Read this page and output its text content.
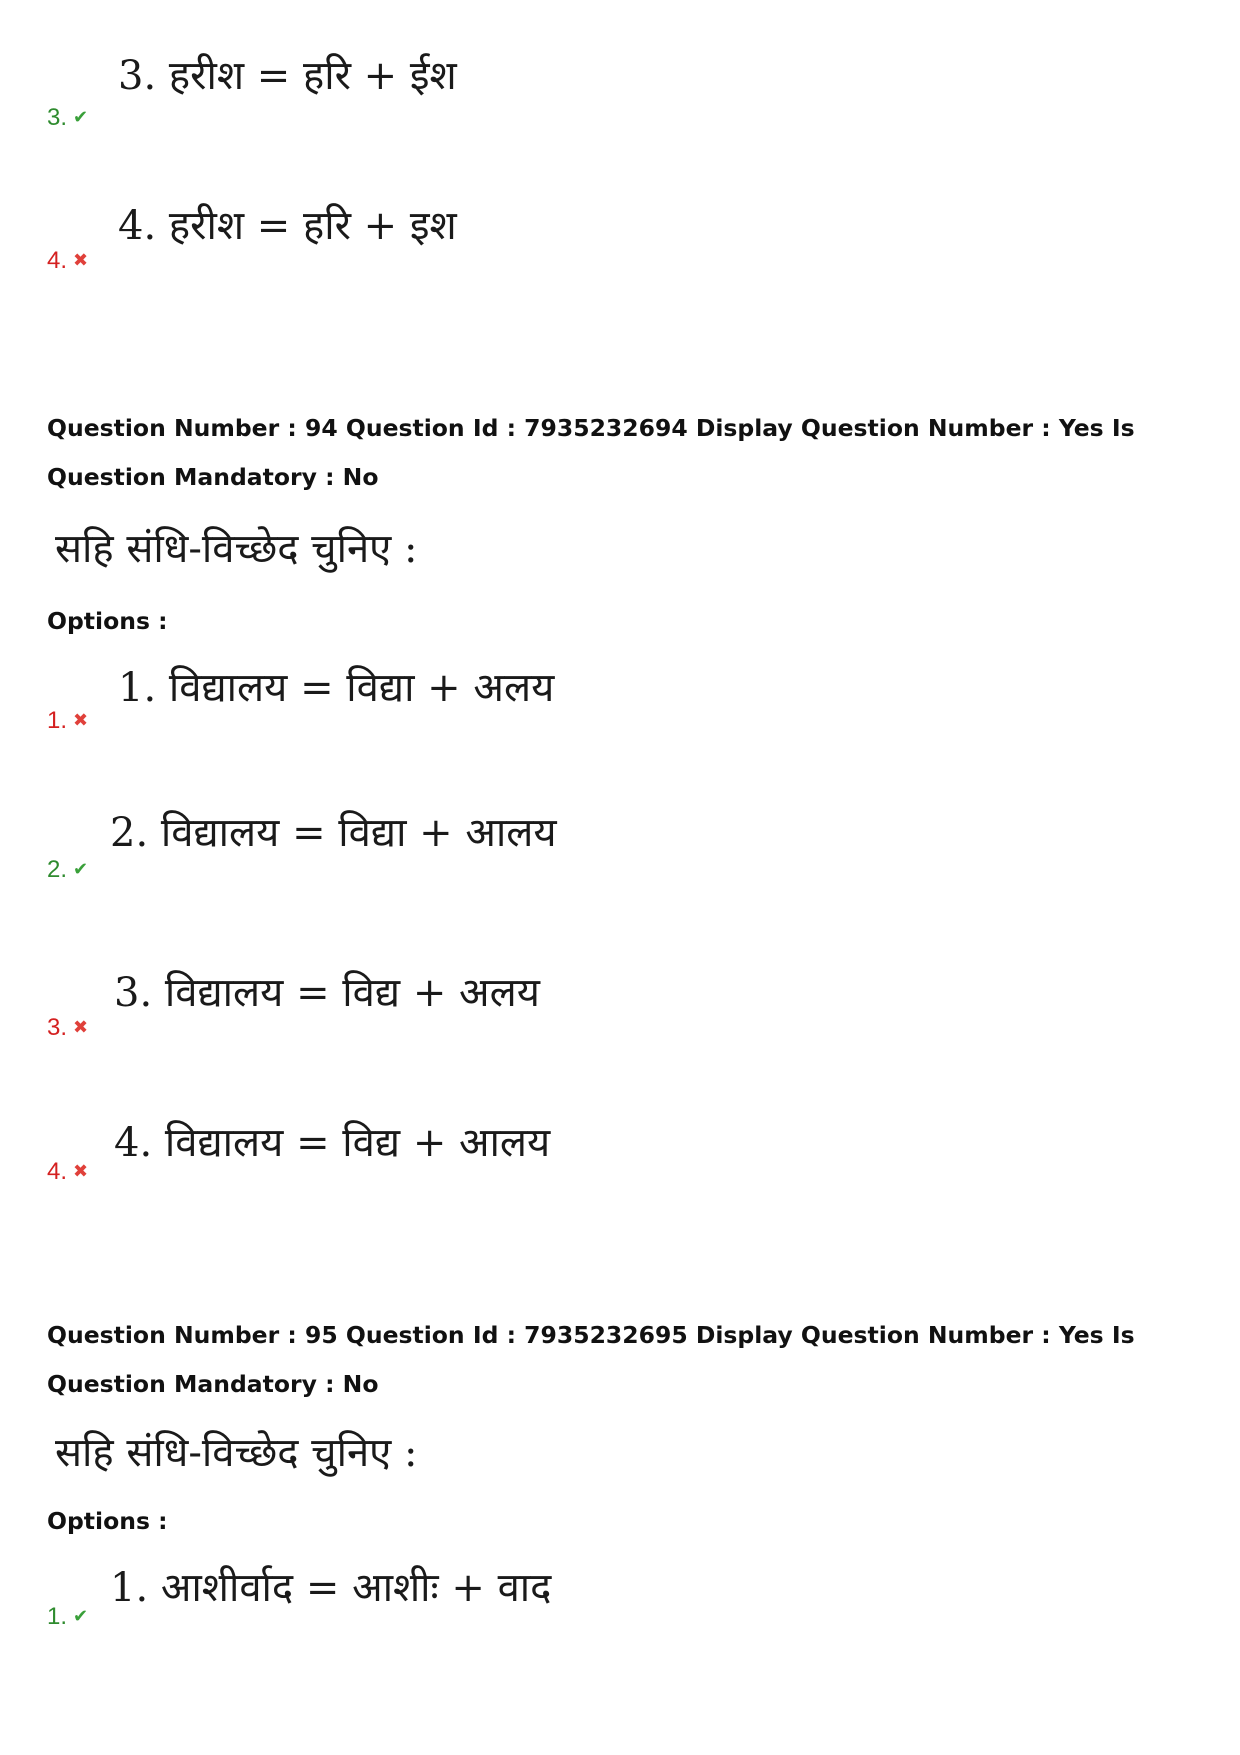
3. हरीश = हरि + ईश
3. ✔
4. हरीश = हरि + इश
4. ✖
Question Number : 94 Question Id : 7935232694 Display Question Number : Yes Is Question Mandatory : No
सहि संधि-विच्छेद चुनिए :
Options :
1. विद्यालय = विद्या + अलय
1. ✖
2. विद्यालय = विद्या + आलय
2. ✔
3. विद्यालय = विद्य + अलय
3. ✖
4. विद्यालय = विद्य + आलय
4. ✖
Question Number : 95 Question Id : 7935232695 Display Question Number : Yes Is Question Mandatory : No
सहि संधि-विच्छेद चुनिए :
Options :
1. आशीर्वाद = आशीः + वाद
1. ✔
